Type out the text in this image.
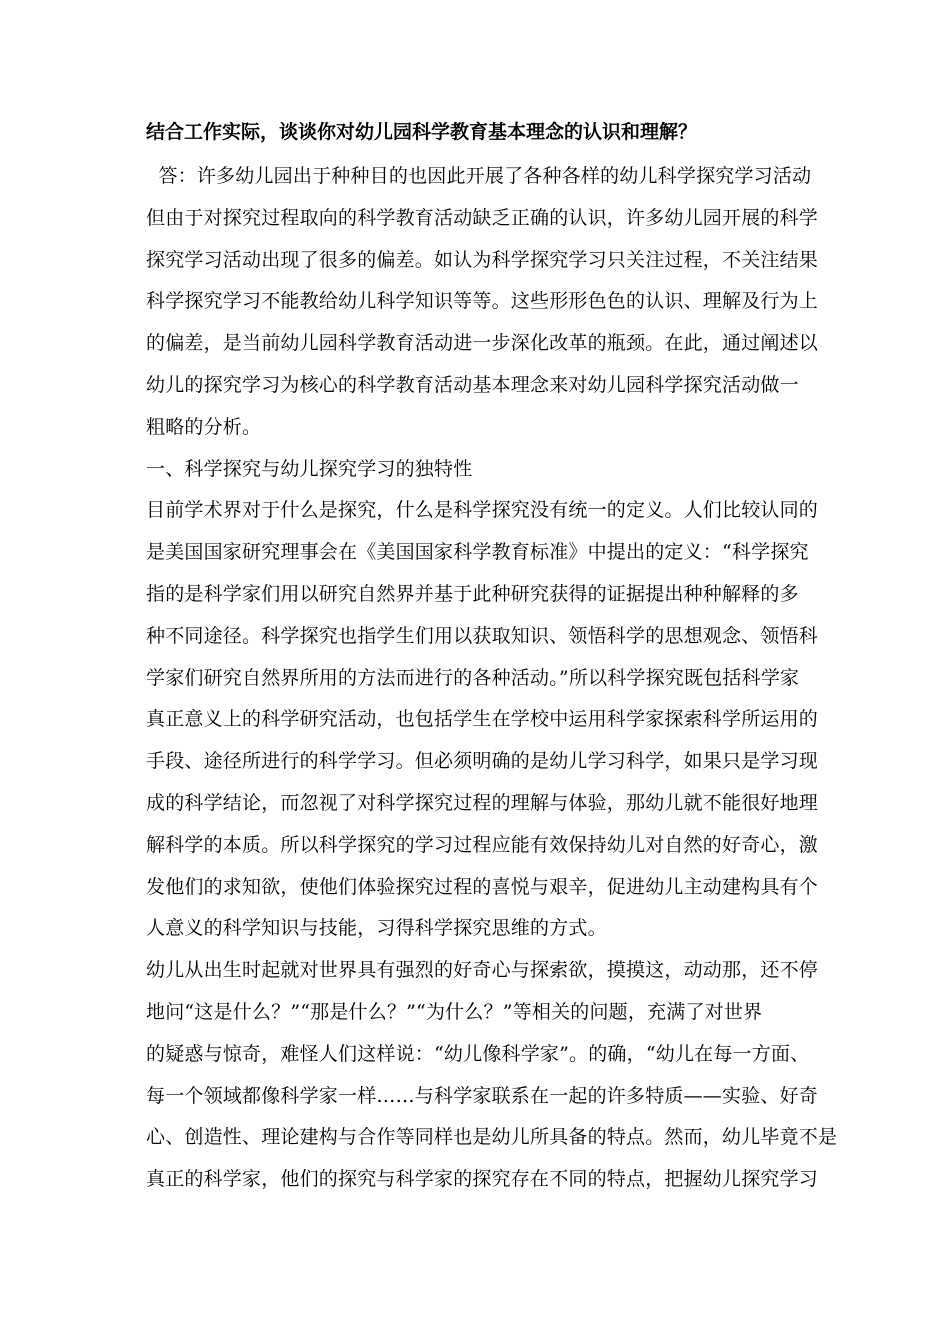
结合工作实际，谈谈你对幼儿园科学教育基本理念的认识和理解？
答：许多幼儿园出于种种目的也因此开展了各种各样的幼儿科学探究学习活动
但由于对探究过程取向的科学教育活动缺乏正确的认识，许多幼儿园开展的科学
探究学习活动出现了很多的偏差。如认为科学探究学习只关注过程，不关注结果
科学探究学习不能教给幼儿科学知识等等。这些形形色色的认识、理解及行为上
的偏差，是当前幼儿园科学教育活动进一步深化改革的瓶颈。在此，通过阐述以
幼儿的探究学习为核心的科学教育活动基本理念来对幼儿园科学探究活动做一
粗略的分析。
一、科学探究与幼儿探究学习的独特性
目前学术界对于什么是探究，什么是科学探究没有统一的定义。人们比较认同的
是美国国家研究理事会在《美国国家科学教育标准》中提出的定义：“科学探究
指的是科学家们用以研究自然界并基于此种研究获得的证据提出种种解释的多
种不同途径。科学探究也指学生们用以获取知识、领悟科学的思想观念、领悟科
学家们研究自然界所用的方法而进行的各种活动。”所以科学探究既包括科学家
真正意义上的科学研究活动，也包括学生在学校中运用科学家探索科学所运用的
手段、途径所进行的科学学习。但必须明确的是幼儿学习科学，如果只是学习现
成的科学结论，而忽视了对科学探究过程的理解与体验，那幼儿就不能很好地理
解科学的本质。所以科学探究的学习过程应能有效保持幼儿对自然的好奇心，激
发他们的求知欲，使他们体验探究过程的喜悦与艰辛，促进幼儿主动建构具有个
人意义的科学知识与技能，习得科学探究思维的方式。
幼儿从出生时起就对世界具有强烈的好奇心与探索欲，摸摸这，动动那，还不停
地问“这是什么？”“那是什么？”“为什么？”等相关的问题，充满了对世界
的疑惑与惊奇，难怪人们这样说：“幼儿像科学家”。的确，“幼儿在每一方面、
每一个领域都像科学家一样……与科学家联系在一起的许多特质——实验、好奇
心、创造性、理论建构与合作等同样也是幼儿所具备的特点。然而，幼儿毕竟不是
真正的科学家，他们的探究与科学家的探究存在不同的特点，把握幼儿探究学习
